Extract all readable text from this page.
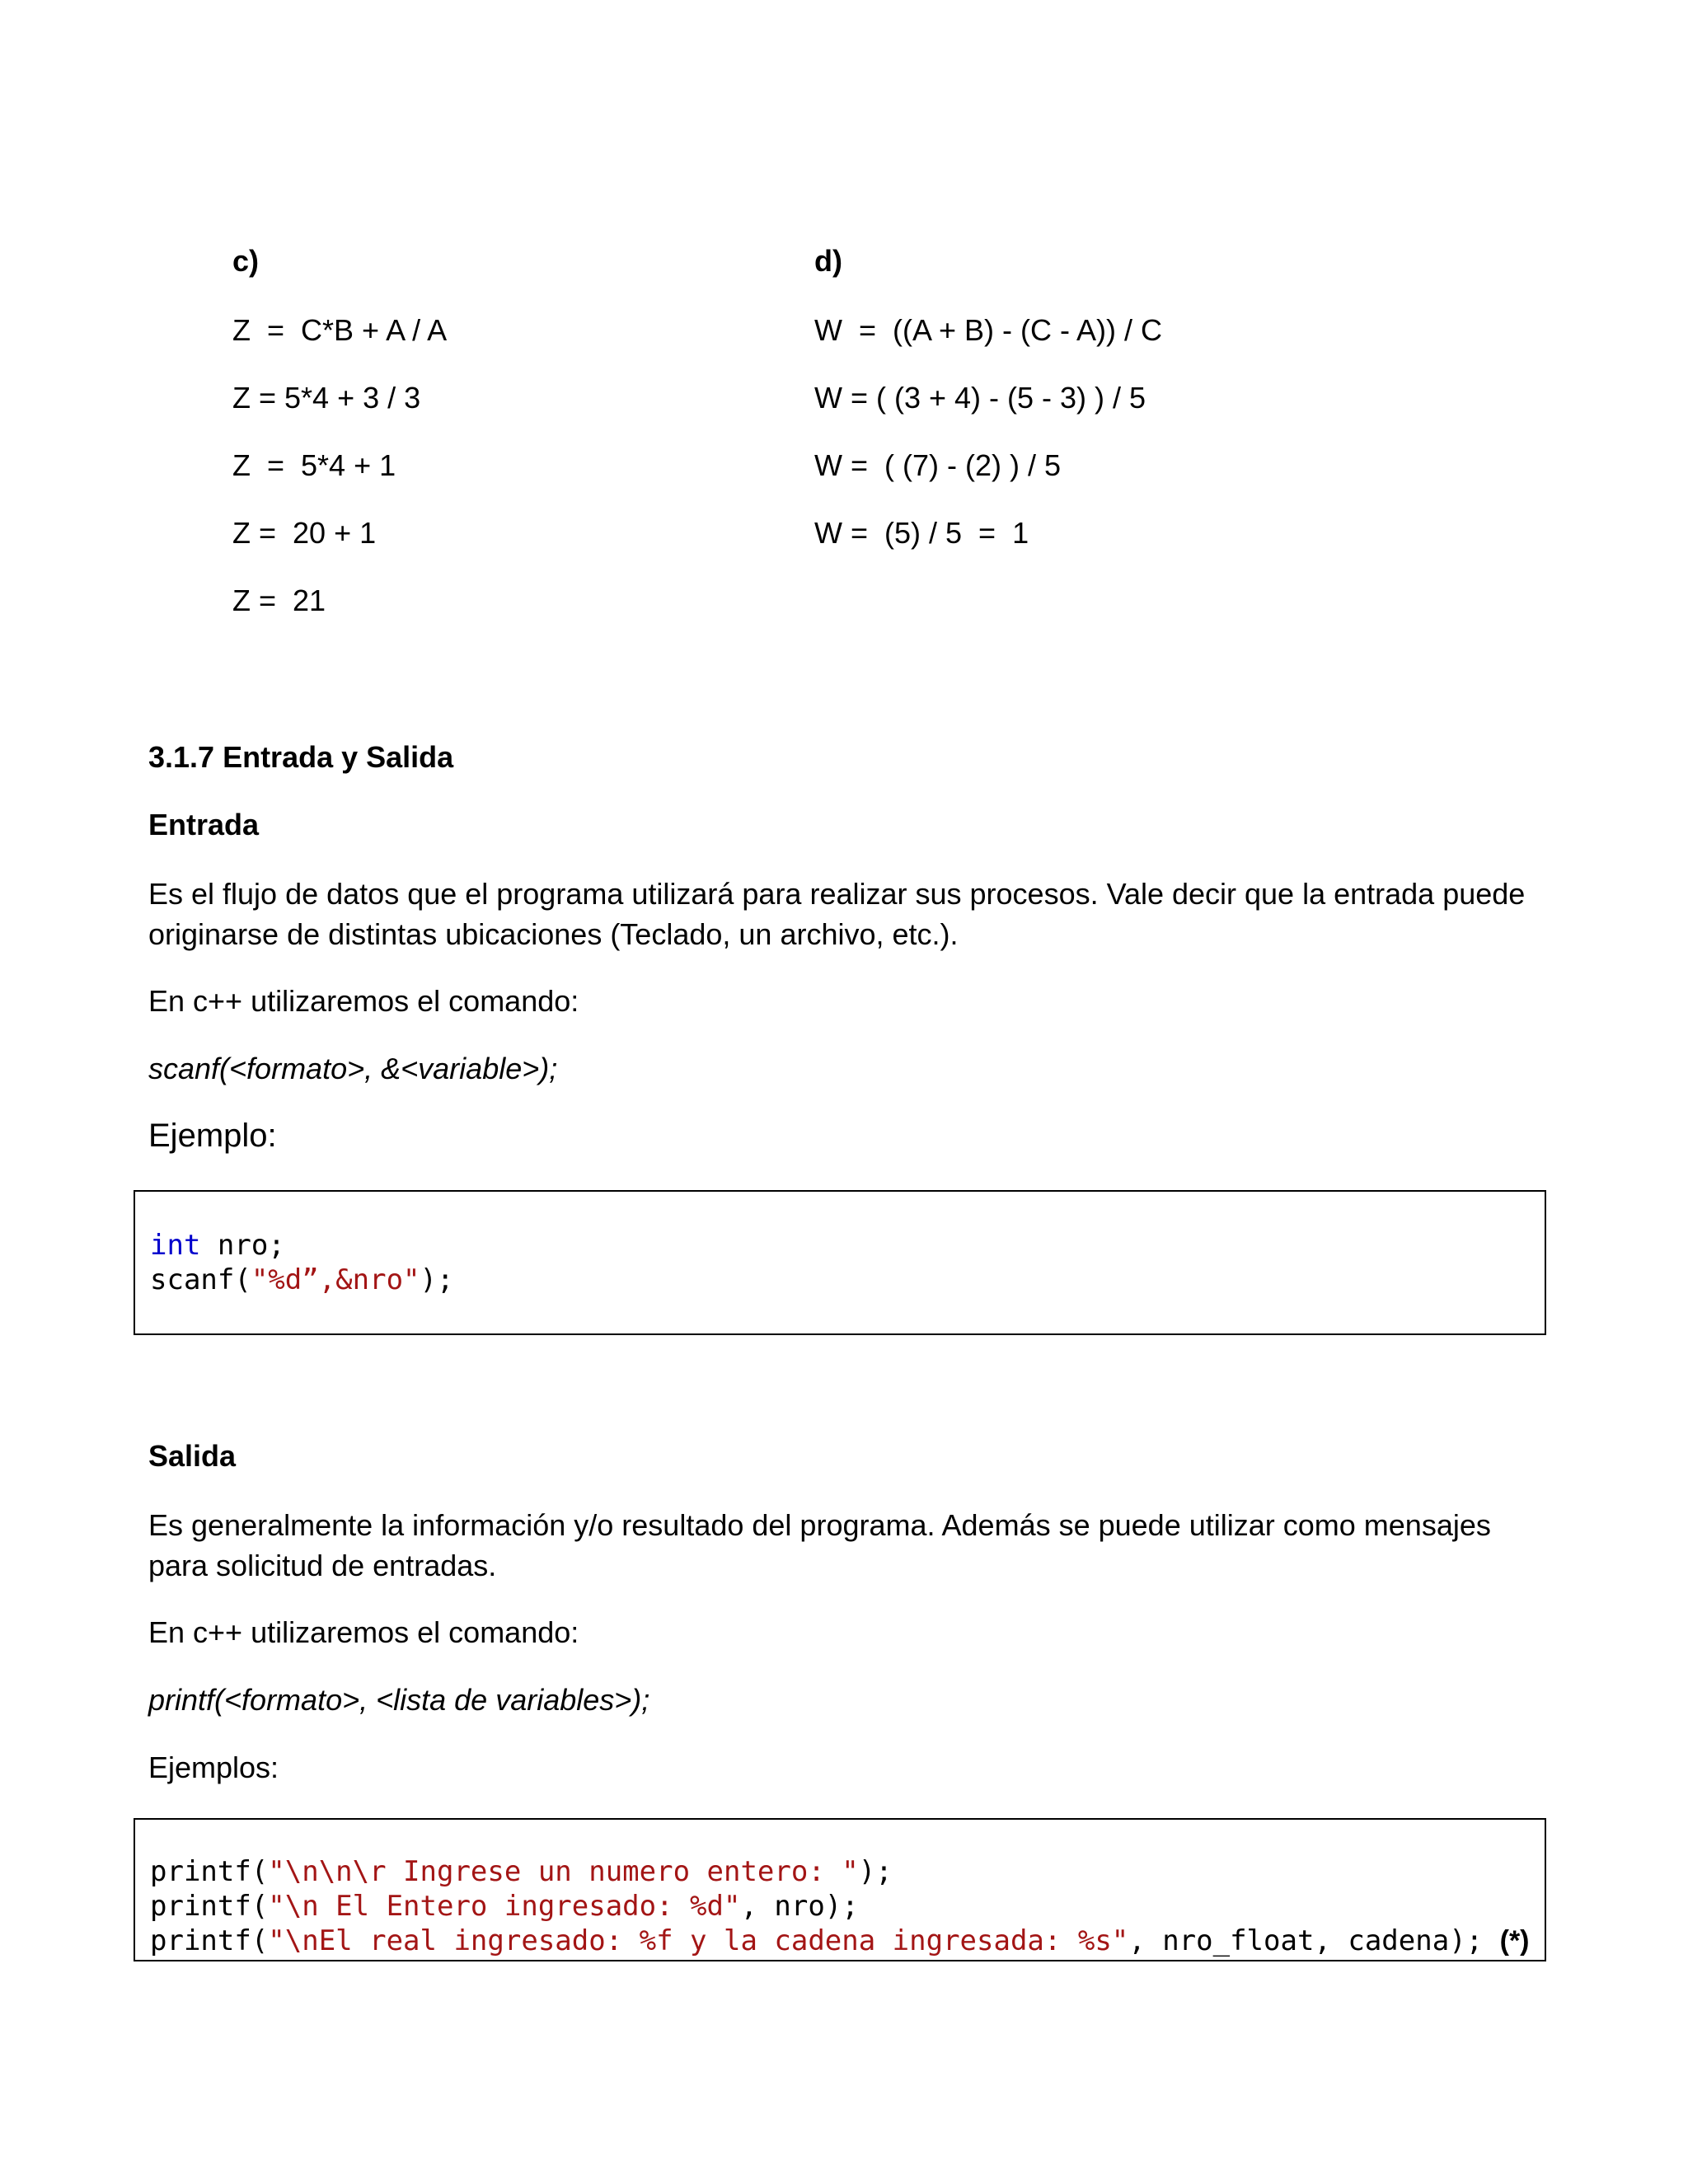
c)
Z  =  C*B + A / A
Z = 5*4 + 3 / 3
Z  =  5*4 + 1
Z =  20 + 1
Z =  21
d)
W  =  ((A + B) - (C - A)) / C
W = ( (3 + 4) - (5 - 3) ) / 5
W =  ( (7) - (2) ) / 5
W =  (5) / 5  =  1
3.1.7 Entrada y Salida
Entrada
Es el flujo de datos que el programa utilizará para realizar sus procesos. Vale decir que la entrada puede originarse de distintas ubicaciones (Teclado, un archivo, etc.).
En c++ utilizaremos el comando:
scanf(<formato>, &<variable>);
Ejemplo:
int nro;
scanf("%d”,&nro");
Salida
Es generalmente la información y/o resultado del programa. Además se puede utilizar como mensajes para solicitud de entradas.
En c++ utilizaremos el comando:
printf(<formato>, <lista de variables>);
Ejemplos:
printf("\n\n\r Ingrese un numero entero: ");
printf("\n El Entero ingresado: %d", nro);
printf("\nEl real ingresado: %f y la cadena ingresada: %s", nro_float, cadena); (*)
